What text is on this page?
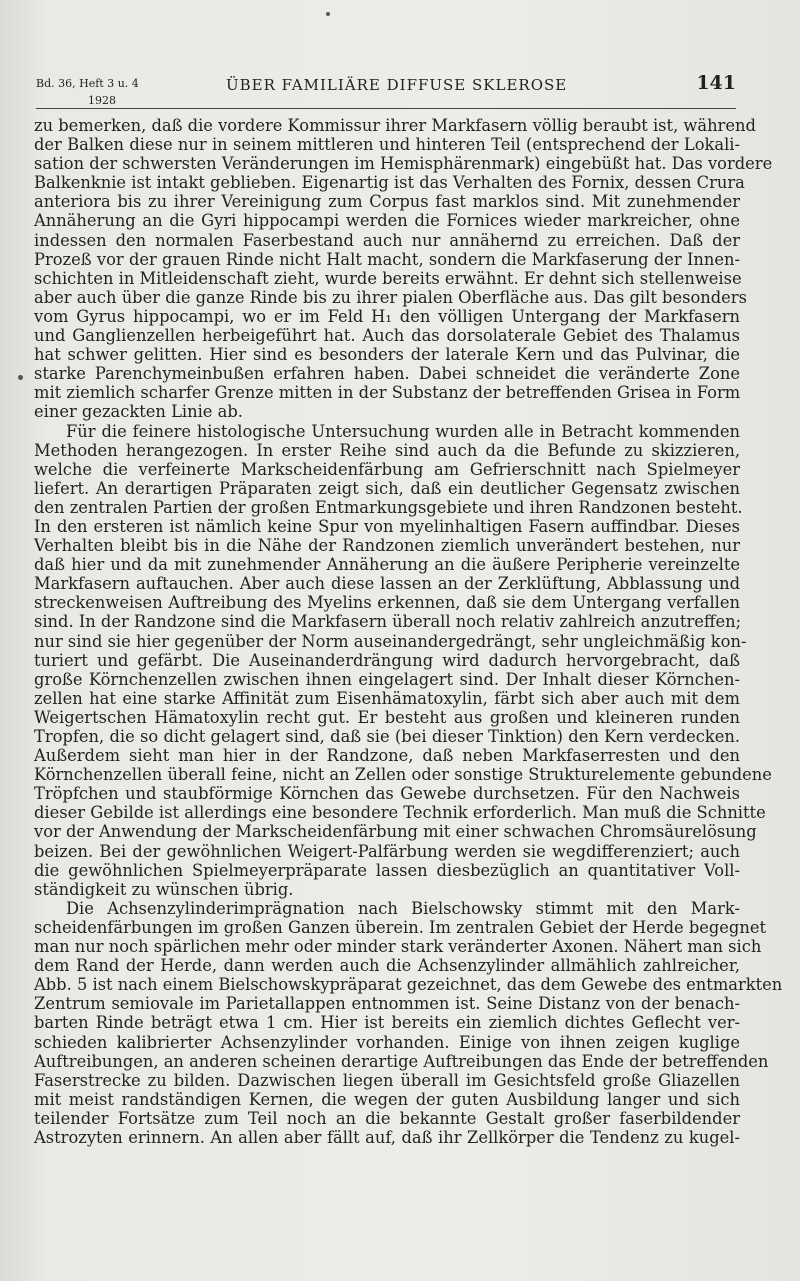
Bd. 36, Heft 3 u. 4
1928
ÜBER FAMILIÄRE DIFFUSE SKLEROSE	141
zu bemerken, daß die vordere Kommissur ihrer Markfasern völlig beraubt ist, während
der Balken diese nur in seinem mittleren und hinteren Teil (entsprechend der Lokali-
sation der schwersten Veränderungen im Hemisphärenmark) eingebüßt hat. Das vordere
Balkenknie ist intakt geblieben. Eigenartig ist das Verhalten des Fornix, dessen Crura
anteriora bis zu ihrer Vereinigung zum Corpus fast marklos sind. Mit zunehmender
Annäherung an die Gyri hippocampi werden die Fornices wieder markreicher, ohne
indessen den normalen Faserbestand auch nur annähernd zu erreichen. Daß der
Prozeß vor der grauen Rinde nicht Halt macht, sondern die Markfaserung der Innen-
schichten in Mitleidenschaft zieht, wurde bereits erwähnt. Er dehnt sich stellenweise
aber auch über die ganze Rinde bis zu ihrer pialen Oberfläche aus. Das gilt besonders
vom Gyrus hippocampi, wo er im Feld H₁ den völligen Untergang der Markfasern
und Ganglienzellen herbeigeführt hat. Auch das dorsolaterale Gebiet des Thalamus
hat schwer gelitten. Hier sind es besonders der laterale Kern und das Pulvinar, die
starke Parenchymeinbußen erfahren haben. Dabei schneidet die veränderte Zone
mit ziemlich scharfer Grenze mitten in der Substanz der betreffenden Grisea in Form
einer gezackten Linie ab.
Für die feinere histologische Untersuchung wurden alle in Betracht kommenden
Methoden herangezogen. In erster Reihe sind auch da die Befunde zu skizzieren,
welche die verfeinerte Markscheidenfärbung am Gefrierschnitt nach Spielmeyer
liefert. An derartigen Präparaten zeigt sich, daß ein deutlicher Gegensatz zwischen
den zentralen Partien der großen Entmarkungsgebiete und ihren Randzonen besteht.
In den ersteren ist nämlich keine Spur von myelinhaltigen Fasern auffindbar. Dieses
Verhalten bleibt bis in die Nähe der Randzonen ziemlich unverändert bestehen, nur
daß hier und da mit zunehmender Annäherung an die äußere Peripherie vereinzelte
Markfasern auftauchen. Aber auch diese lassen an der Zerklüftung, Abblassung und
streckenweisen Auftreibung des Myelins erkennen, daß sie dem Untergang verfallen
sind. In der Randzone sind die Markfasern überall noch relativ zahlreich anzutreffen;
nur sind sie hier gegenüber der Norm auseinandergedrängt, sehr ungleichmäßig kon-
turiert und gefärbt. Die Auseinanderdrängung wird dadurch hervorgebracht, daß
große Körnchenzellen zwischen ihnen eingelagert sind. Der Inhalt dieser Körnchen-
zellen hat eine starke Affinität zum Eisenhämatoxylin, färbt sich aber auch mit dem
Weigertschen Hämatoxylin recht gut. Er besteht aus großen und kleineren runden
Tropfen, die so dicht gelagert sind, daß sie (bei dieser Tinktion) den Kern verdecken.
Außerdem sieht man hier in der Randzone, daß neben Markfaserresten und den
Körnchenzellen überall feine, nicht an Zellen oder sonstige Strukturelemente gebundene
Tröpfchen und staubförmige Körnchen das Gewebe durchsetzen. Für den Nachweis
dieser Gebilde ist allerdings eine besondere Technik erforderlich. Man muß die Schnitte
vor der Anwendung der Markscheidenfärbung mit einer schwachen Chromsäurelösung
beizen. Bei der gewöhnlichen Weigert-Palfärbung werden sie wegdifferenziert; auch
die gewöhnlichen Spielmeyerpräparate lassen diesbezüglich an quantitativer Voll-
ständigkeit zu wünschen übrig.
Die Achsenzylinderimprägnation nach Bielschowsky stimmt mit den Mark-
scheidenfärbungen im großen Ganzen überein. Im zentralen Gebiet der Herde begegnet
man nur noch spärlichen mehr oder minder stark veränderter Axonen. Nähert man sich
dem Rand der Herde, dann werden auch die Achsenzylinder allmählich zahlreicher,
Abb. 5 ist nach einem Bielschowskypräparat gezeichnet, das dem Gewebe des entmarkten
Zentrum semiovale im Parietallappen entnommen ist. Seine Distanz von der benach-
barten Rinde beträgt etwa 1 cm. Hier ist bereits ein ziemlich dichtes Geflecht ver-
schieden kalibrierter Achsenzylinder vorhanden. Einige von ihnen zeigen kuglige
Auftreibungen, an anderen scheinen derartige Auftreibungen das Ende der betreffenden
Faserstrecke zu bilden. Dazwischen liegen überall im Gesichtsfeld große Gliazellen
mit meist randständigen Kernen, die wegen der guten Ausbildung langer und sich
teilender Fortsätze zum Teil noch an die bekannte Gestalt großer faserbildender
Astrozyten erinnern. An allen aber fällt auf, daß ihr Zellkörper die Tendenz zu kugel-
